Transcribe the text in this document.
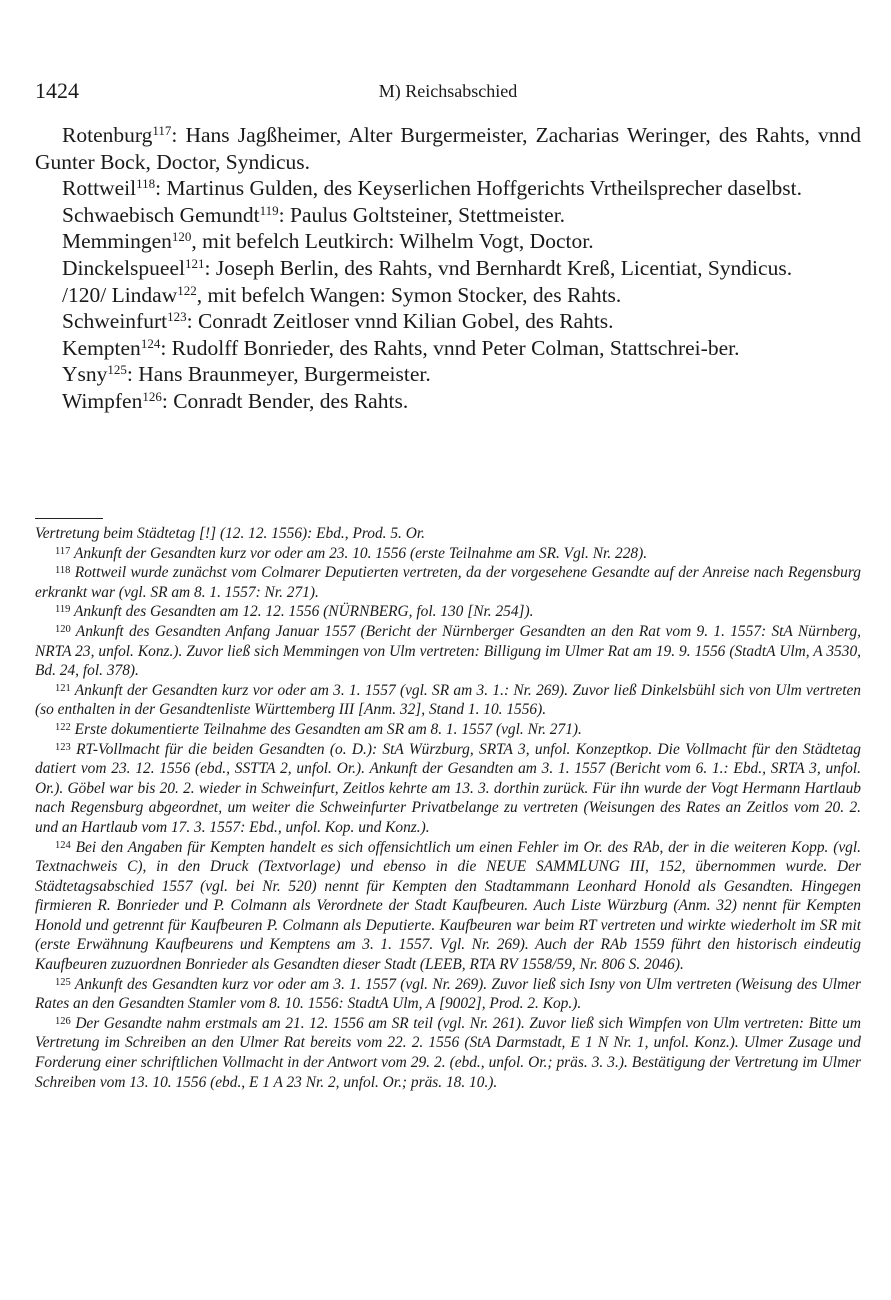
1424	M) Reichsabschied

Rotenburg$^{117}$: Hans Jagßheimer, Alter Burgermeister, Zacharias Weringer, des Rahts, vnnd Gunter Bock, Doctor, Syndicus.

Rottweil$^{118}$: Martinus Gulden, des Keyserlichen Hoffgerichts Vrtheilsprecher daselbst.

Schwaebisch Gemundt$^{119}$: Paulus Goltsteiner, Stettmeister.

Memmingen$^{120}$, mit befelch Leutkirch: Wilhelm Vogt, Doctor.

Dinckelspueel$^{121}$: Joseph Berlin, des Rahts, vnd Bernhardt Kreß, Licentiat, Syndicus.

/120/ Lindaw$^{122}$, mit befelch Wangen: Symon Stocker, des Rahts.

Schweinfurt$^{123}$: Conradt Zeitloser vnnd Kilian Gobel, des Rahts.

Kempten$^{124}$: Rudolff Bonrieder, des Rahts, vnnd Peter Colman, Stattschrei-ber.

Ysny$^{125}$: Hans Braunmeyer, Burgermeister.

Wimpfen$^{126}$: Conradt Bender, des Rahts.

Vertretung beim Städtetag [!] (12. 12. 1556): Ebd., Prod. 5. Or.

$^{117}$ Ankunft der Gesandten kurz vor oder am 23. 10. 1556 (erste Teilnahme am SR. Vgl. Nr. 228).

$^{118}$ Rottweil wurde zunächst vom Colmarer Deputierten vertreten, da der vorgesehene Gesandte auf der Anreise nach Regensburg erkrankt war (vgl. SR am 8. 1. 1557: Nr. 271).

$^{119}$ Ankunft des Gesandten am 12. 12. 1556 (NÜRNBERG, fol. 130 [Nr. 254]).

$^{120}$ Ankunft des Gesandten Anfang Januar 1557 (Bericht der Nürnberger Gesandten an den Rat vom 9. 1. 1557: StA Nürnberg, NRTA 23, unfol. Konz.). Zuvor ließ sich Memmingen von Ulm vertreten: Billigung im Ulmer Rat am 19. 9. 1556 (StadtA Ulm, A 3530, Bd. 24, fol. 378).

$^{121}$ Ankunft der Gesandten kurz vor oder am 3. 1. 1557 (vgl. SR am 3. 1.: Nr. 269). Zuvor ließ Dinkelsbühl sich von Ulm vertreten (so enthalten in der Gesandtenliste Württemberg III [Anm. 32], Stand 1. 10. 1556).

$^{122}$ Erste dokumentierte Teilnahme des Gesandten am SR am 8. 1. 1557 (vgl. Nr. 271).

$^{123}$ RT-Vollmacht für die beiden Gesandten (o. D.): StA Würzburg, SRTA 3, unfol. Konzeptkop. Die Vollmacht für den Städtetag datiert vom 23. 12. 1556 (ebd., SSTTA 2, unfol. Or.). Ankunft der Gesandten am 3. 1. 1557 (Bericht vom 6. 1.: Ebd., SRTA 3, unfol. Or.). Göbel war bis 20. 2. wieder in Schweinfurt, Zeitlos kehrte am 13. 3. dorthin zurück. Für ihn wurde der Vogt Hermann Hartlaub nach Regensburg abgeordnet, um weiter die Schweinfurter Privatbelange zu vertreten (Weisungen des Rates an Zeitlos vom 20. 2. und an Hartlaub vom 17. 3. 1557: Ebd., unfol. Kop. und Konz.).

$^{124}$ Bei den Angaben für Kempten handelt es sich offensichtlich um einen Fehler im Or. des RAb, der in die weiteren Kopp. (vgl. Textnachweis C), in den Druck (Textvorlage) und ebenso in die NEUE SAMMLUNG III, 152, übernommen wurde. Der Städtetagsabschied 1557 (vgl. bei Nr. 520) nennt für Kempten den Stadtammann Leonhard Honold als Gesandten. Hingegen firmieren R. Bonrieder und P. Colmann als Verordnete der Stadt Kaufbeuren. Auch Liste Würzburg (Anm. 32) nennt für Kempten Honold und getrennt für Kaufbeuren P. Colmann als Deputierte. Kaufbeuren war beim RT vertreten und wirkte wiederholt im SR mit (erste Erwähnung Kaufbeurens und Kemptens am 3. 1. 1557. Vgl. Nr. 269). Auch der RAb 1559 führt den historisch eindeutig Kaufbeuren zuzuordnen Bonrieder als Gesandten dieser Stadt (LEEB, RTA RV 1558/59, Nr. 806 S. 2046).

$^{125}$ Ankunft des Gesandten kurz vor oder am 3. 1. 1557 (vgl. Nr. 269). Zuvor ließ sich Isny von Ulm vertreten (Weisung des Ulmer Rates an den Gesandten Stamler vom 8. 10. 1556: StadtA Ulm, A [9002], Prod. 2. Kop.).

$^{126}$ Der Gesandte nahm erstmals am 21. 12. 1556 am SR teil (vgl. Nr. 261). Zuvor ließ sich Wimpfen von Ulm vertreten: Bitte um Vertretung im Schreiben an den Ulmer Rat bereits vom 22. 2. 1556 (StA Darmstadt, E 1 N Nr. 1, unfol. Konz.). Ulmer Zusage und Forderung einer schriftlichen Vollmacht in der Antwort vom 29. 2. (ebd., unfol. Or.; präs. 3. 3.). Bestätigung der Vertretung im Ulmer Schreiben vom 13. 10. 1556 (ebd., E 1 A 23 Nr. 2, unfol. Or.; präs. 18. 10.).
